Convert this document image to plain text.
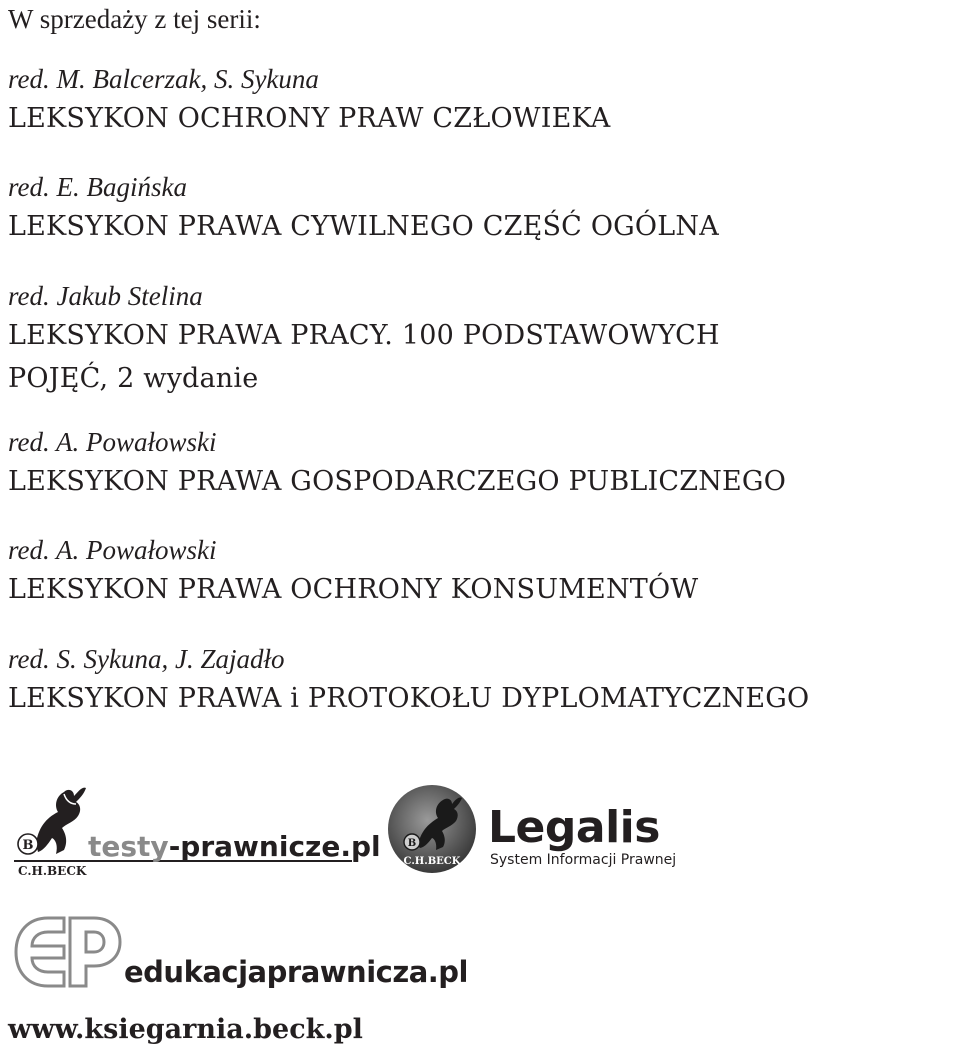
W sprzedaży z tej serii:
red. M. Balcerzak, S. Sykuna
LEKSYKON OCHRONY PRAW CZŁOWIEKA
red. E. Bagińska
LEKSYKON PRAWA CYWILNEGO CZĘŚĆ OGÓLNA
red. Jakub Stelina
LEKSYKON PRAWA PRACY. 100 PODSTAWOWYCH
POJĘĆ, 2 wydanie
red. A. Powałowski
LEKSYKON PRAWA GOSPODARCZEGO PUBLICZNEGO
red. A. Powałowski
LEKSYKON PRAWA OCHRONY KONSUMENTÓW
red. S. Sykuna, J. Zajadło
LEKSYKON PRAWA i PROTOKOŁU DYPLOMATYCZNEGO
B
C.H.BECK
testy-prawnicze.pl	B
C.H.BECK
Legalis
System Informacji Prawnej
edukacjaprawnicza.pl
www.ksiegarnia.beck.pl
